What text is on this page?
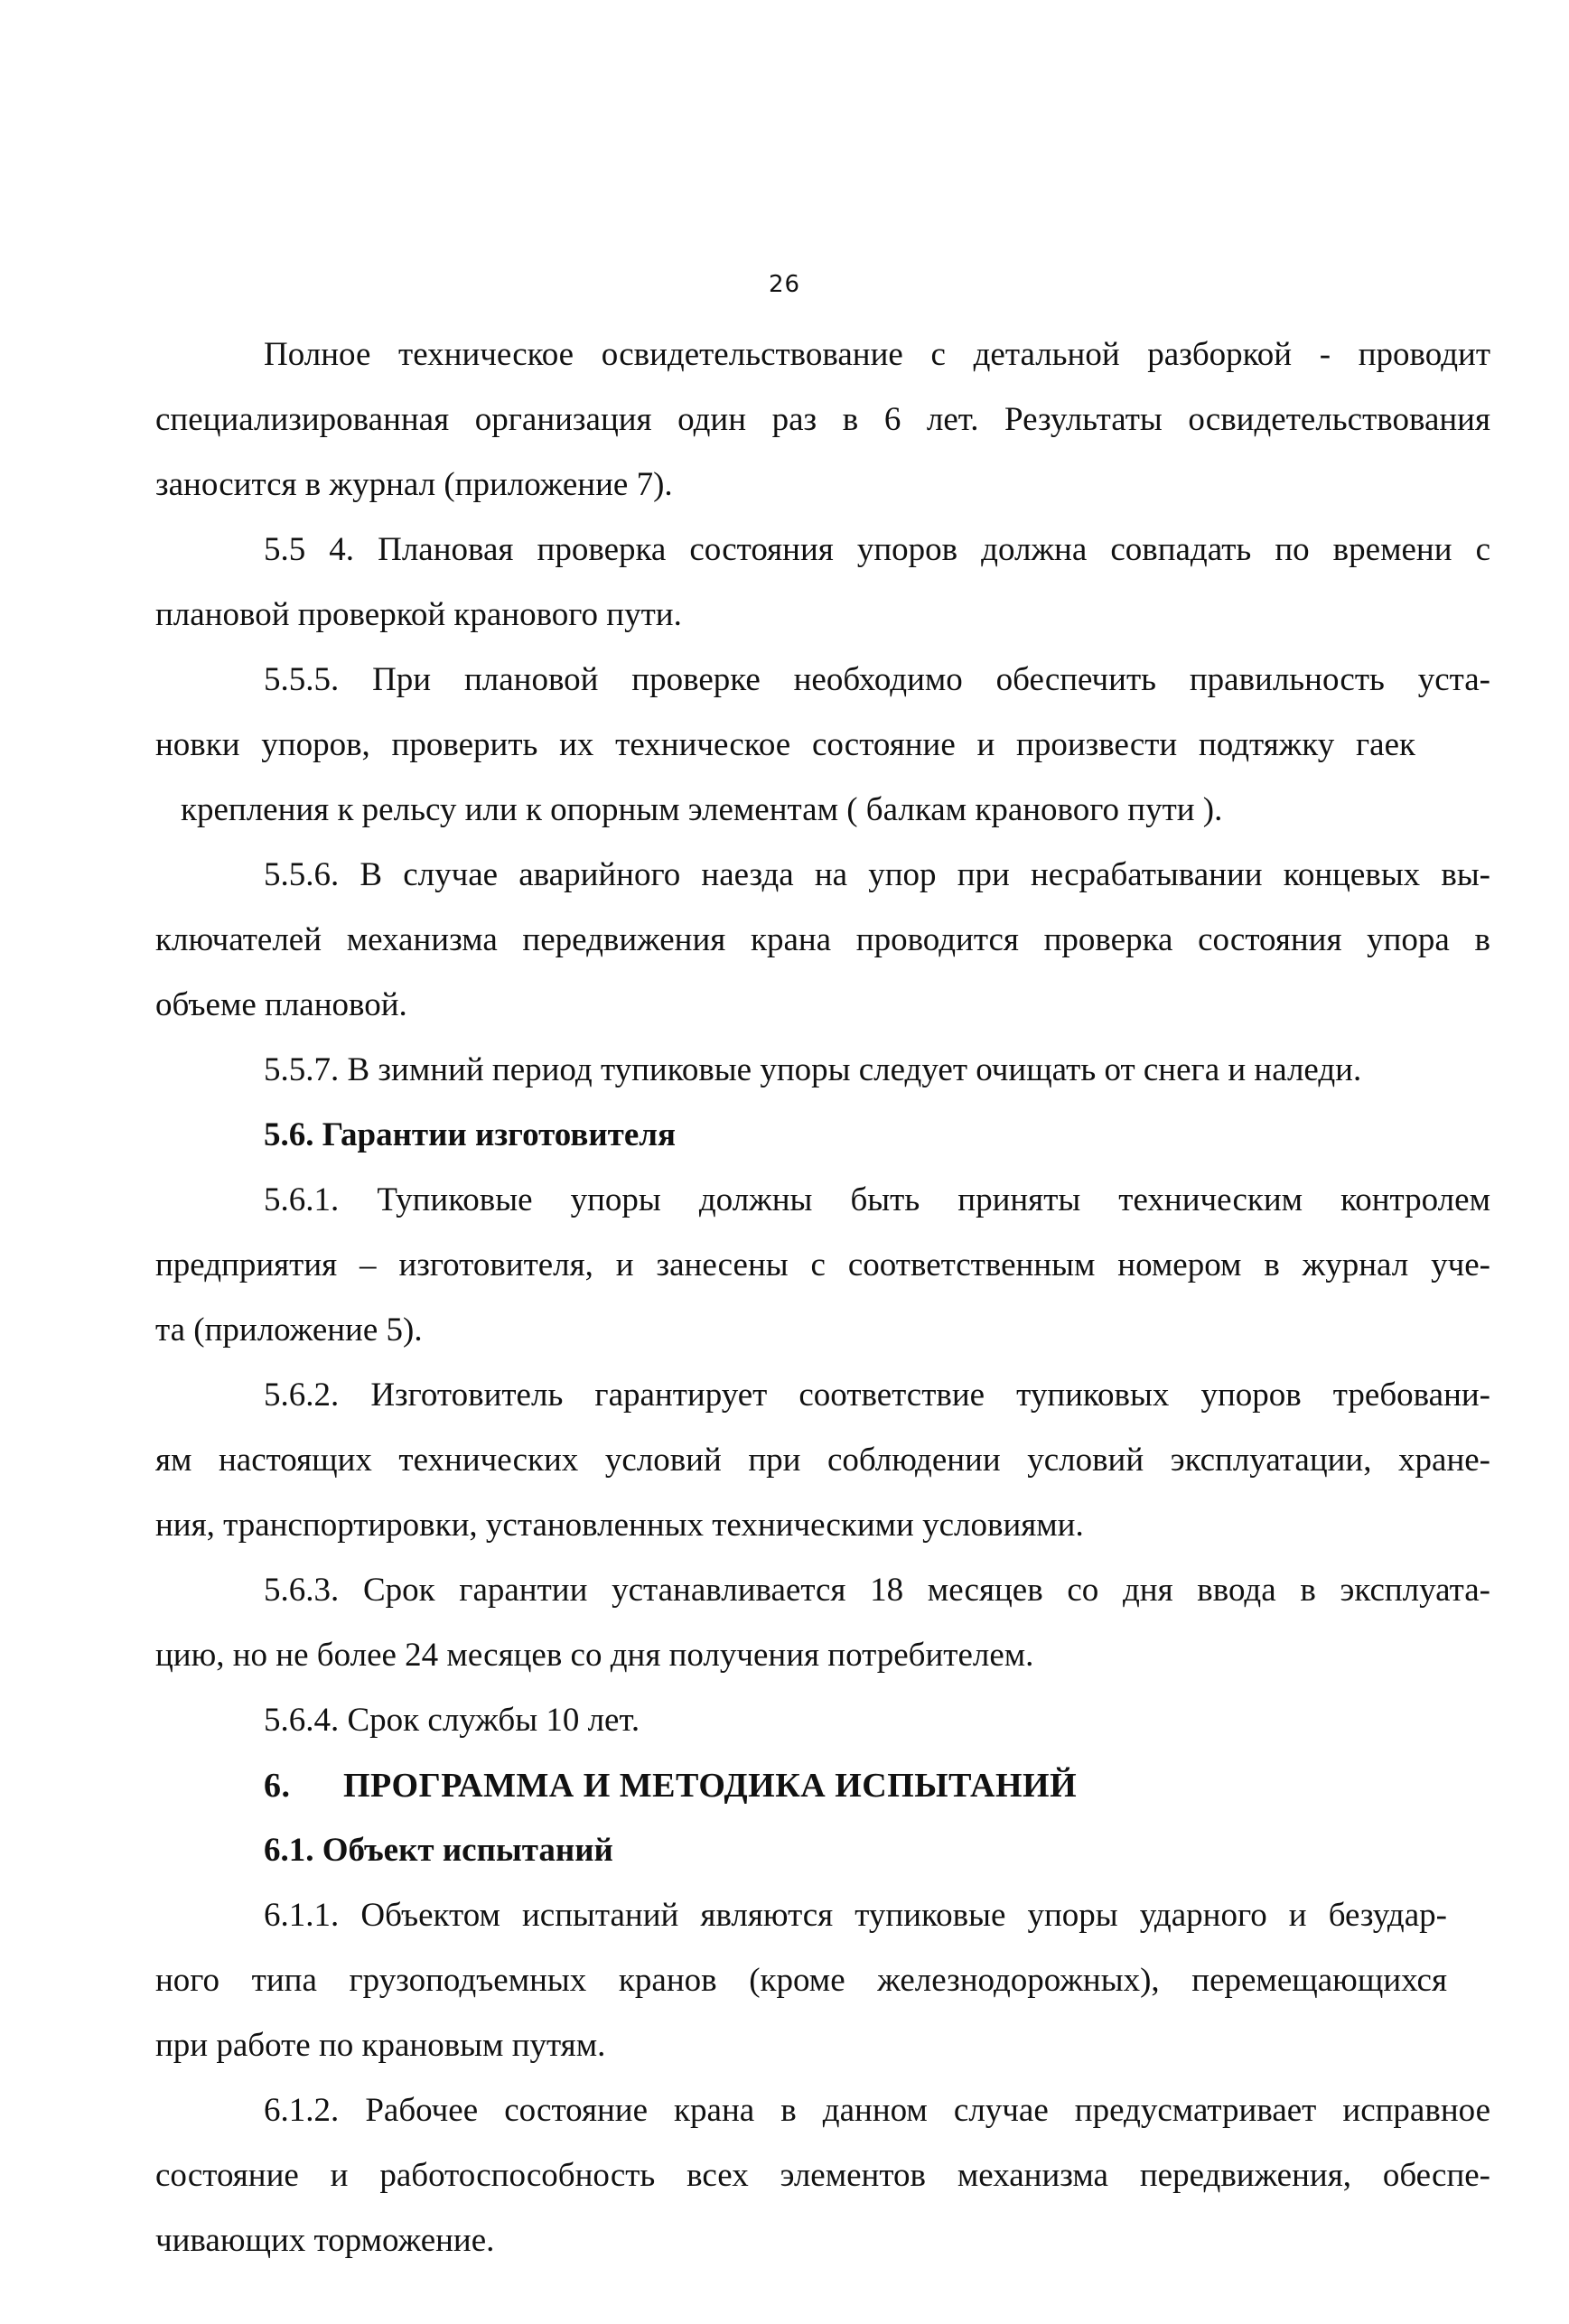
26
Полное техническое освидетельствование с детальной разборкой - проводит
специализированная организация один раз в 6 лет. Результаты освидетельствования
заносится в журнал (приложение 7).
5.5 4. Плановая проверка состояния упоров должна совпадать по времени с
плановой проверкой кранового пути.
5.5.5. При плановой проверке необходимо обеспечить правильность уста-
новки упоров, проверить их техническое состояние и произвести подтяжку гаек
крепления к рельсу или к опорным элементам ( балкам кранового пути ).
5.5.6. В случае аварийного наезда на упор при несрабатывании концевых вы-
ключателей механизма передвижения крана проводится проверка состояния упора в
объеме плановой.
5.5.7. В зимний период тупиковые упоры следует очищать от снега и наледи.
5.6. Гарантии изготовителя
5.6.1. Тупиковые упоры должны быть приняты техническим контролем
предприятия – изготовителя, и занесены с соответственным номером в журнал уче-
та (приложение 5).
5.6.2. Изготовитель гарантирует соответствие тупиковых упоров требовани-
ям настоящих технических условий при соблюдении условий эксплуатации, хране-
ния, транспортировки, установленных техническими условиями.
5.6.3. Срок гарантии устанавливается 18 месяцев со дня ввода в эксплуата-
цию, но не более 24 месяцев со дня получения потребителем.
5.6.4. Срок службы 10 лет.
6. ПРОГРАММА И МЕТОДИКА ИСПЫТАНИЙ
6.1. Объект испытаний
6.1.1. Объектом испытаний являются тупиковые упоры ударного и безудар-
ного типа грузоподъемных кранов (кроме железнодорожных), перемещающихся
при работе по крановым путям.
6.1.2. Рабочее состояние крана в данном случае предусматривает исправное
состояние и работоспособность всех элементов механизма передвижения, обеспе-
чивающих торможение.
